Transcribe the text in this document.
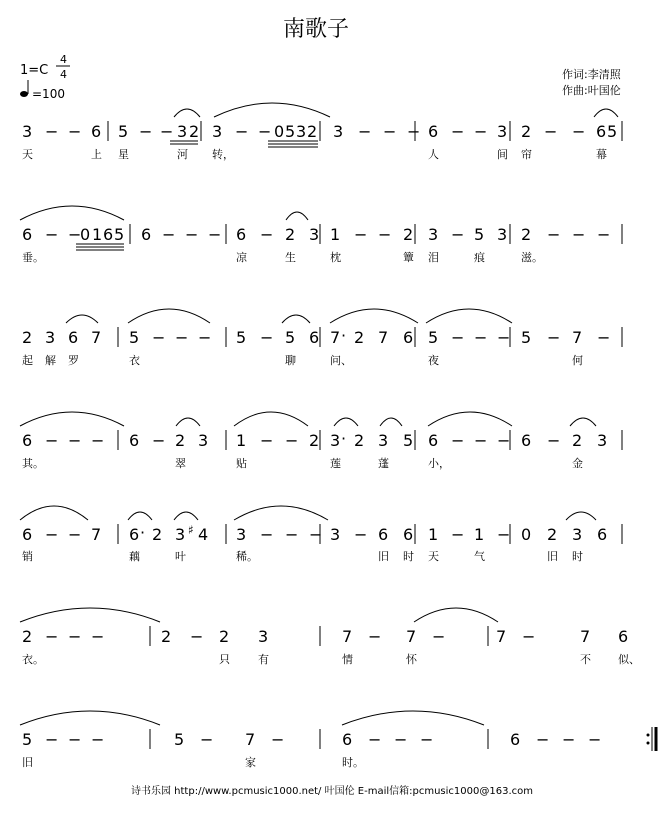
南歌子
1=C
4
4
=100
作词:李清照
作曲:叶国伦
3 − − 6 5 − − 3 2 3 − − 0 5 3 2 3 − − − 6 − − 3 2 − − 6 5
天	上 星	河 转，	人	间 帘	幕
6 − −
0 1 6 5 6 − − − 6 − 2 3 1 − − 2 3 − 5 3 2 − − −
垂。	凉	生	枕	簟 泪	痕	滋。
2 3 6 7 5 − − − 5 − 5 6 7 · 2 7 6 5 − − − 5 − 7 −
起 解 罗	衣	聊	问、	夜	何
6 − − − 6 − 2 3 1 − − 2 3 · 2 3 5 6 − − − 6 − 2 3
其。	翠	贴	莲	蓬	小，	金
6 − − 7 6 · 2 3 ♯ 4 3 − − − 3 − 6 6 1 − 1 − 0 2 3 6
销	藕	叶	稀。	旧 时 天	气	旧 时
2 − − −	2 − 2 3	7 − 7 −	7 −	7 6
衣。	只	有	情	怀	不 似、
5 − − −	5 − 7 −	6 − − −	6 − − −
旧	家	时。
诗书乐园 http://www.pcmusic1000.net/ 叶国伦 E-mail信箱:pcmusic1000@163.com
